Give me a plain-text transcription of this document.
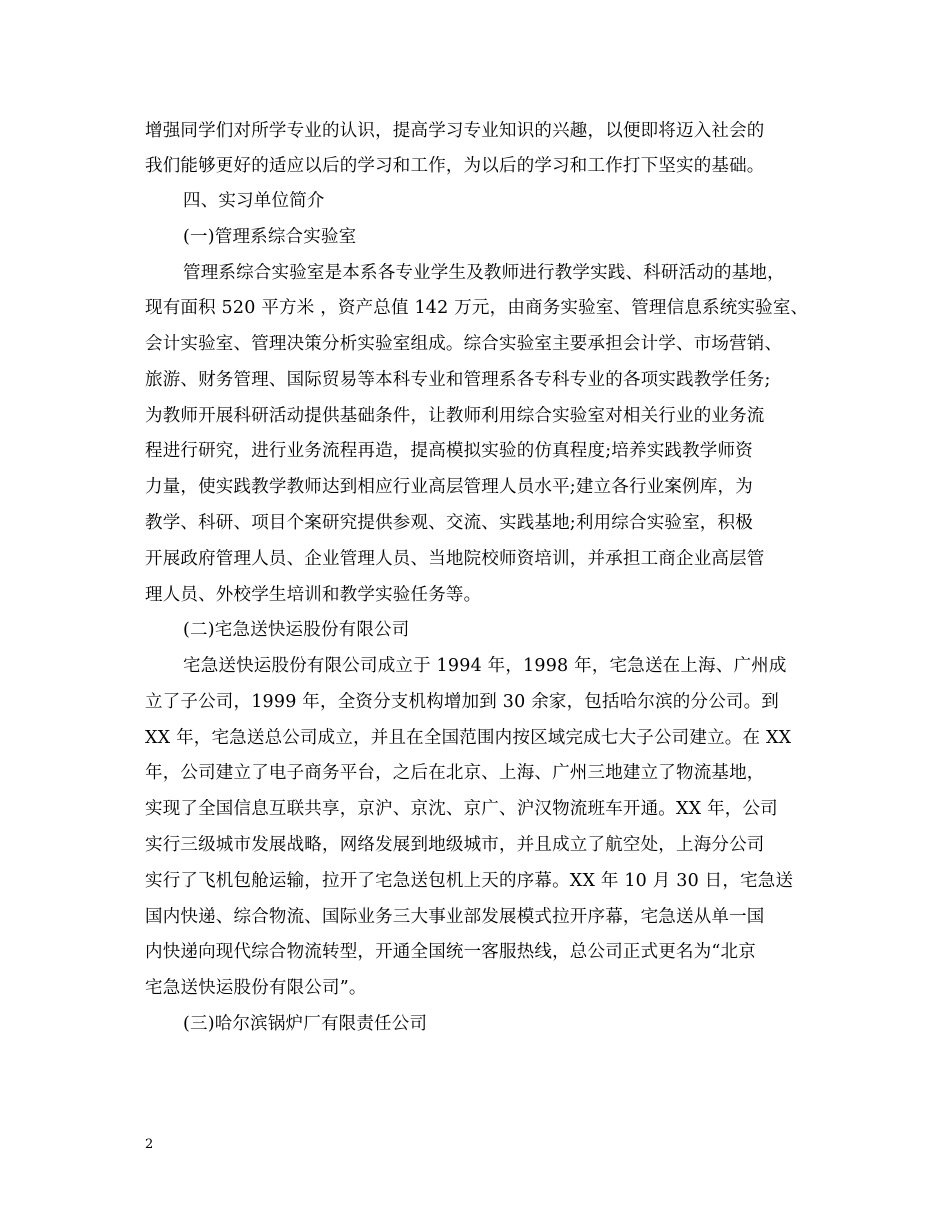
增强同学们对所学专业的认识，提高学习专业知识的兴趣，以便即将迈入社会的
我们能够更好的适应以后的学习和工作，为以后的学习和工作打下坚实的基础。
四、实习单位简介
(一)管理系综合实验室
管理系综合实验室是本系各专业学生及教师进行教学实践、科研活动的基地，
现有面积 520 平方米 ，资产总值 142 万元，由商务实验室、管理信息系统实验室、
会计实验室、管理决策分析实验室组成。综合实验室主要承担会计学、市场营销、
旅游、财务管理、国际贸易等本科专业和管理系各专科专业的各项实践教学任务;
为教师开展科研活动提供基础条件，让教师利用综合实验室对相关行业的业务流
程进行研究，进行业务流程再造，提高模拟实验的仿真程度;培养实践教学师资
力量，使实践教学教师达到相应行业高层管理人员水平;建立各行业案例库，为
教学、科研、项目个案研究提供参观、交流、实践基地;利用综合实验室，积极
开展政府管理人员、企业管理人员、当地院校师资培训，并承担工商企业高层管
理人员、外校学生培训和教学实验任务等。
(二)宅急送快运股份有限公司
宅急送快运股份有限公司成立于 1994 年，1998 年，宅急送在上海、广州成
立了子公司，1999 年，全资分支机构增加到 30 余家，包括哈尔滨的分公司。到
XX 年，宅急送总公司成立，并且在全国范围内按区域完成七大子公司建立。在 XX
年，公司建立了电子商务平台，之后在北京、上海、广州三地建立了物流基地，
实现了全国信息互联共享，京沪、京沈、京广、沪汉物流班车开通。XX 年，公司
实行三级城市发展战略，网络发展到地级城市，并且成立了航空处，上海分公司
实行了飞机包舱运输，拉开了宅急送包机上天的序幕。XX 年 10 月 30 日，宅急送
国内快递、综合物流、国际业务三大事业部发展模式拉开序幕，宅急送从单一国
内快递向现代综合物流转型，开通全国统一客服热线，总公司正式更名为“北京
宅急送快运股份有限公司”。
(三)哈尔滨锅炉厂有限责任公司
2
